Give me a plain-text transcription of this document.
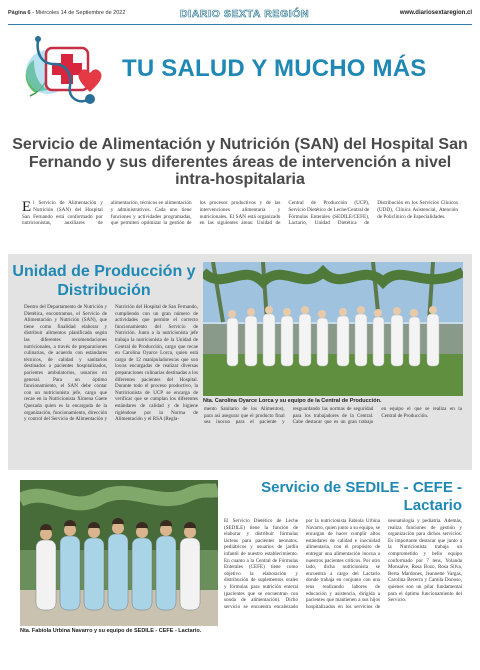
Página 6 - Miércoles 14 de Septiembre de 2022	DIARIO SEXTA REGIÓN	www.diariosextaregion.cl
TU SALUD Y MUCHO MÁS
Servicio de Alimentación y Nutrición (SAN) del Hospital San Fernando y sus diferentes áreas de intervención a nivel intra-hospitalaria

El Servicio de Alimentación y Nutrición (SAN) del Hospital San Fernando está conformado por nutricionistas, auxiliares de alimentación, técnicos en alimentación y administrativos. Cada uno tiene funciones y actividades programadas, que permiten optimizar la gestión de los procesos productivos y de las intervenciones alimentaria y nutricionales. El SAN está organizado en las siguientes áreas: Unidad de Central de Producción (UCP), Servicio Dietético de Leche/Central de Fórmulas Enterales (SEDILE/CEFE), Lactario, Unidad Dietética de Distribución en los Servicios Clínicos (UDD), Clínica Asistencial, Atención de Policlínico de Especialidades.

Unidad de Producción y Distribución

Dentro del Departamento de Nutrición y Dietética, encontramos, el Servicio de Alimentación y Nutrición (SAN), que tiene como finalidad elaborar y distribuir alimentos planificada según las diferentes recomendaciones nutricionales, a través de preparaciones culinarias, de acuerdo con estándares técnicos, de calidad y sanitarios destinados a pacientes hospitalizados, pacientes ambulatorios, usuarios en general. Para un óptimo funcionamiento, el SAN debe contar con un nutricionista jefe, cargo que recae en la Nutricionista Ximena Gaete Quezada quien es la encargada de la organización, funcionamiento, dirección y control del Servicio de Alimentación y Nutrición del Hospital de San Fernando, cumpliendo con un gran número de actividades que permite el correcto funcionamiento del Servicio de Nutrición. Junto a la nutricionista jefe trabaja la nutricionista de la Unidad de Central de Producción, cargo que recae en Carolina Oyarce Lorca, quien está cargo de 12 manipuladores/as que son los/as encargadas de realizar diversas preparaciones culinarias destinadas a los diferentes pacientes del Hospital. Durante todo el proceso productivo, la Nutricionista de UCP se encarga de verificar que se cumplan los diferentes estándares de calidad y de higiene rigiéndose por la Norma de Alimentación y el RSA (Regla-

Nta. Carolina Oyarce Lorca y su equipo de la Central de Producción.

mento Sanitario de los Alimentos), para así asegurar que el producto final sea inocuo para el paciente y resguardando las normas de seguridad para los trabajadores de la Central. Cabe destacar que es un gran trabajo en equipo el que se realiza en la Central de Producción.

Nta. Fabiola Urbina Navarro y su equipo de SEDILE - CEFE - Lactario.
Servicio de SEDILE - CEFE - Lactario

El Servicio Dietético de Leche (SEDILE) tiene la función de elaborar y distribuir fórmulas lácteas para pacientes neonatos, pediátricos y usuarios de jardín infantil de nuestro establecimiento. En cuanto a la Central de Fórmulas Enterales (CEFE) tiene como objetivo la elaboración y distribución de suplementos orales y fórmulas para nutrición enteral (pacientes que se encuentran con sonda de alimentación). Dicho servicio se encuentra encabezado por la nutricionista Fabiola Urbina Navarro, quien junto a su equipo, se encargan de hacer cumplir altos estándares de calidad e inocuidad alimentaria, con el propósito de entregar una alimentación inocua a nuestros pacientes críticos. Por otro lado, dicha nutricionista se encuentra a cargo del Lactario donde trabaja en conjunto con una tens realizando labores de educación y asistencia, dirigida a pacientes que mantienen a sus hijos hospitalizados en los servicios de neonatología y pediatría. Además, realiza funciones de gestión y organización para dichos servicios. Es importante destacar que junto a la Nutricionista trabaja un comprometido y bello equipo conformado por 7 tens, Yolanda Monsalve, Rosa Bozo, Rosa Silva, Berta Mardones, Jeannette Vargas, Carolina Becerra y Camila Donoso, quienes son un pilar fundamental para el óptimo funcionamiento del Servicio.
